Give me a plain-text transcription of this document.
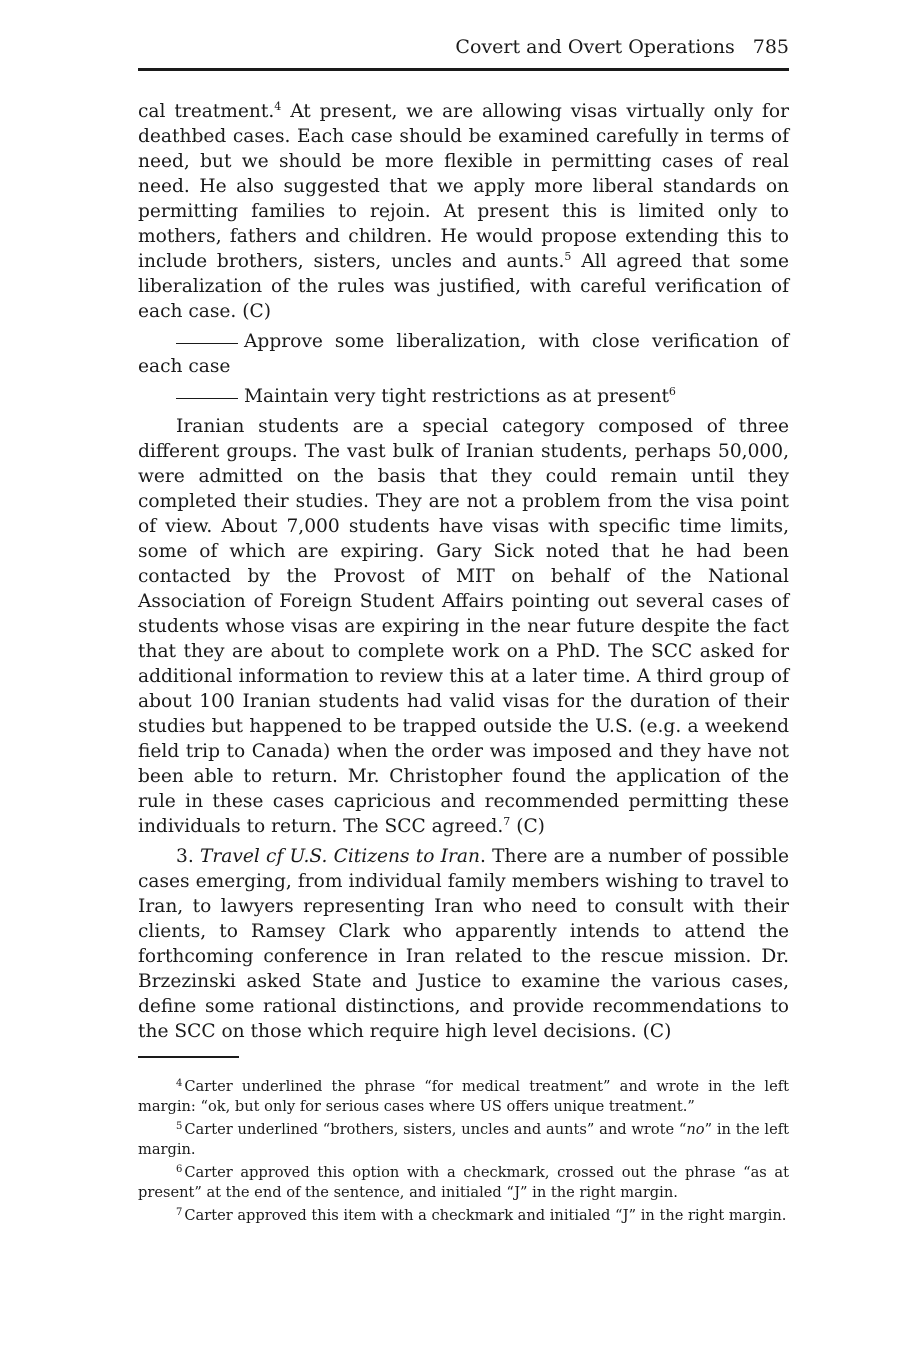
Covert and Overt Operations 785

cal treatment.$^4$ At present, we are allowing visas virtually only for deathbed cases. Each case should be examined carefully in terms of need, but we should be more flexible in permitting cases of real need. He also suggested that we apply more liberal standards on permitting families to rejoin. At present this is limited only to mothers, fathers and children. He would propose extending this to include brothers, sisters, uncles and aunts.$^5$ All agreed that some liberalization of the rules was justified, with careful verification of each case. (C)

Approve some liberalization, with close verification of each case

Maintain very tight restrictions as at present$^6$

Iranian students are a special category composed of three different groups. The vast bulk of Iranian students, perhaps 50,000, were admitted on the basis that they could remain until they completed their studies. They are not a problem from the visa point of view. About 7,000 students have visas with specific time limits, some of which are expiring. Gary Sick noted that he had been contacted by the Provost of MIT on behalf of the National Association of Foreign Student Affairs pointing out several cases of students whose visas are expiring in the near future despite the fact that they are about to complete work on a PhD. The SCC asked for additional information to review this at a later time. A third group of about 100 Iranian students had valid visas for the duration of their studies but happened to be trapped outside the U.S. (e.g. a weekend field trip to Canada) when the order was imposed and they have not been able to return. Mr. Christopher found the application of the rule in these cases capricious and recommended permitting these individuals to return. The SCC agreed.$^7$ (C)

3. Travel cf U.S. Citizens to Iran. There are a number of possible cases emerging, from individual family members wishing to travel to Iran, to lawyers representing Iran who need to consult with their clients, to Ramsey Clark who apparently intends to attend the forthcoming conference in Iran related to the rescue mission. Dr. Brzezinski asked State and Justice to examine the various cases, define some rational distinctions, and provide recommendations to the SCC on those which require high level decisions. (C)

$^4$ Carter underlined the phrase “for medical treatment” and wrote in the left margin: “ok, but only for serious cases where US offers unique treatment.”

$^5$ Carter underlined “brothers, sisters, uncles and aunts” and wrote “no” in the left margin.

$^6$ Carter approved this option with a checkmark, crossed out the phrase “as at present” at the end of the sentence, and initialed “J” in the right margin.

$^7$ Carter approved this item with a checkmark and initialed “J” in the right margin.
